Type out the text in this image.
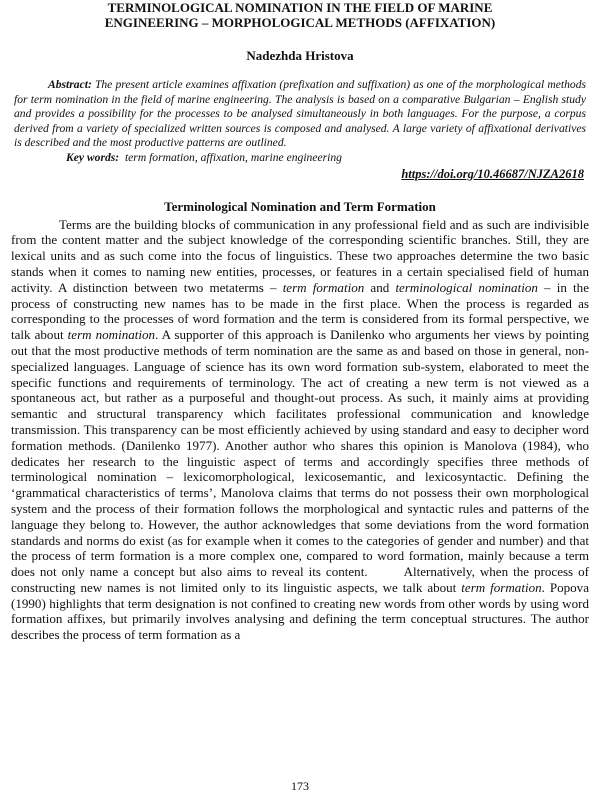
TERMINOLOGICAL NOMINATION IN THE FIELD OF MARINE
ENGINEERING – MORPHOLOGICAL METHODS (AFFIXATION)
Nadezhda Hristova

Abstract: The present article examines affixation (prefixation and suffixation) as one of the morphological methods for term nomination in the field of marine engineering. The analysis is based on a comparative Bulgarian – English study and provides a possibility for the processes to be analysed simultaneously in both languages. For the purpose, a corpus derived from a variety of specialized written sources is composed and analysed. A large variety of affixational derivatives is described and the most productive patterns are outlined.

Key words: term formation, affixation, marine engineering
https://doi.org/10.46687/NJZA2618
Terminological Nomination and Term Formation

Terms are the building blocks of communication in any professional field and as such are indivisible from the content matter and the subject knowledge of the corresponding scientific branches. Still, they are lexical units and as such come into the focus of linguistics. These two approaches determine the two basic stands when it comes to naming new entities, processes, or features in a certain specialised field of human activity. A distinction between two metaterms – term formation and terminological nomination – in the process of constructing new names has to be made in the first place. When the process is regarded as corresponding to the processes of word formation and the term is considered from its formal perspective, we talk about term nomination. A supporter of this approach is Danilenko who arguments her views by pointing out that the most productive methods of term nomination are the same as and based on those in general, non-specialized languages. Language of science has its own word formation sub-system, elaborated to meet the specific functions and requirements of terminology. The act of creating a new term is not viewed as a spontaneous act, but rather as a purposeful and thought-out process. As such, it mainly aims at providing semantic and structural transparency which facilitates professional communication and knowledge transmission. This transparency can be most efficiently achieved by using standard and easy to decipher word formation methods. (Danilenko 1977). Another author who shares this opinion is Manolova (1984), who dedicates her research to the linguistic aspect of terms and accordingly specifies three methods of terminological nomination – lexicomorphological, lexicosemantic, and lexicosyntactic. Defining the ‘grammatical characteristics of terms’, Manolova claims that terms do not possess their own morphological system and the process of their formation follows the morphological and syntactic rules and patterns of the language they belong to. However, the author acknowledges that some deviations from the word formation standards and norms do exist (as for example when it comes to the categories of gender and number) and that the process of term formation is a more complex one, compared to word formation, mainly because a term does not only name a concept but also aims to reveal its content.	Alternatively, when the process of constructing new names is not limited only to its linguistic aspects, we talk about term formation. Popova (1990) highlights that term designation is not confined to creating new words from other words by using word formation affixes, but primarily involves analysing and defining the term conceptual structures. The author describes the process of term formation as a

173
